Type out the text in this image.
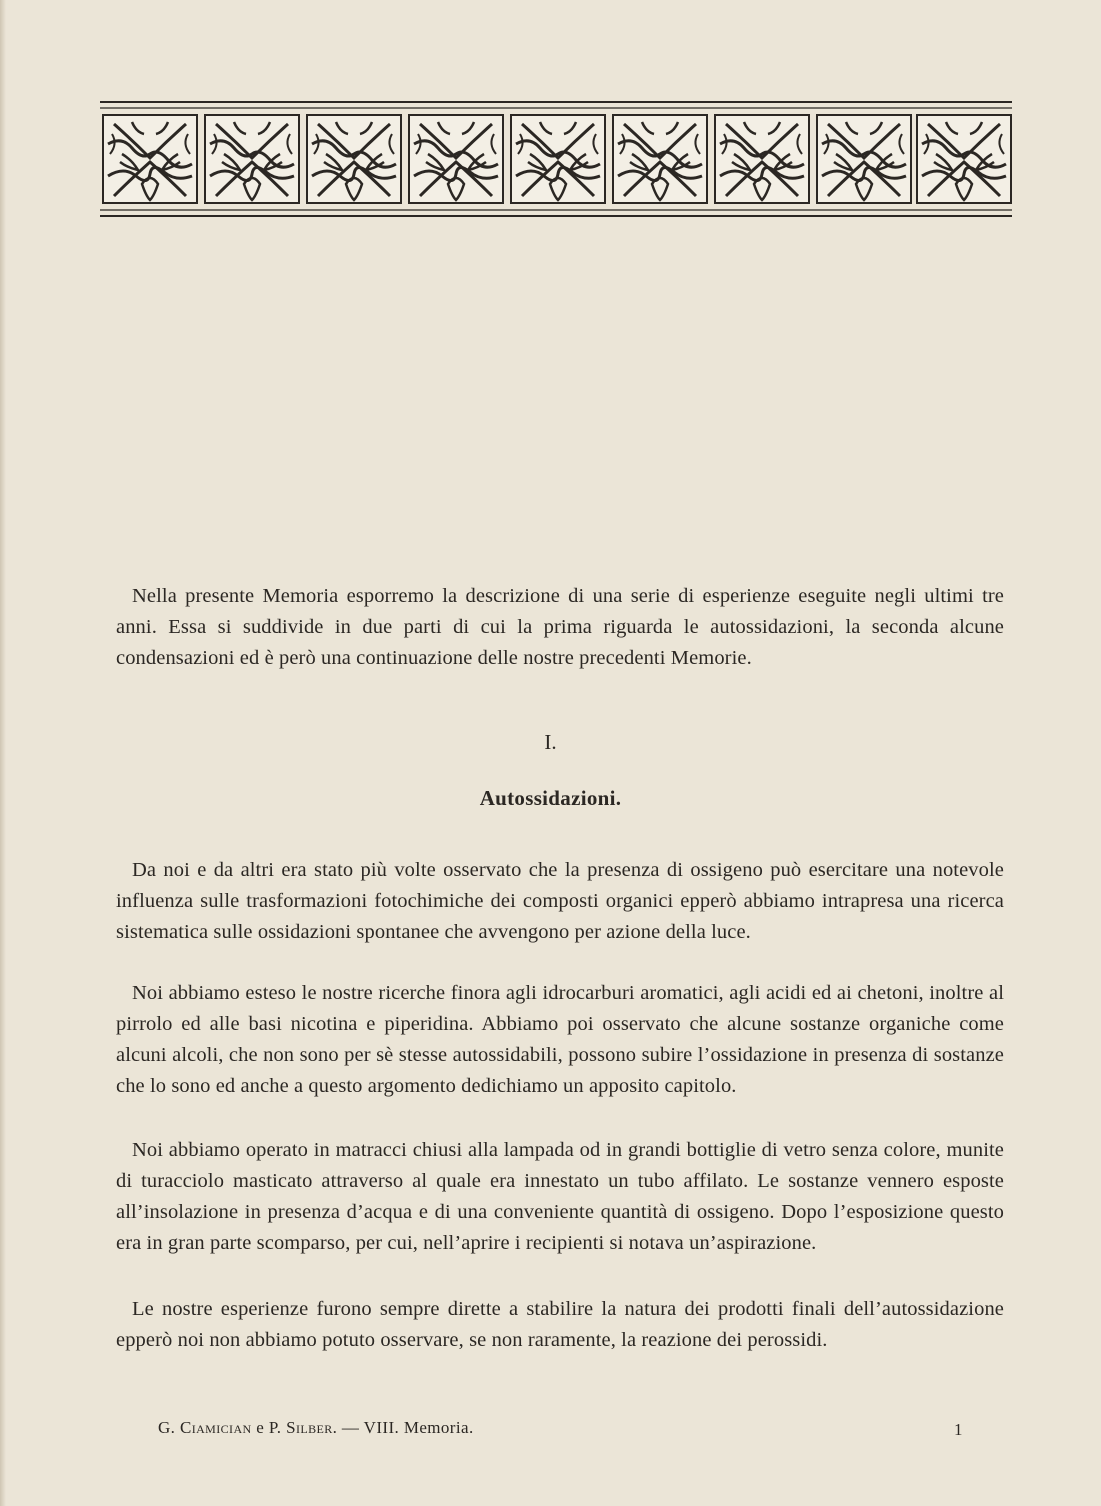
Nella presente Memoria esporremo la descrizione di una serie di esperienze eseguite negli ultimi tre anni. Essa si suddivide in due parti di cui la prima riguarda le autossidazioni, la seconda alcune condensazioni ed è però una continuazione delle nostre precedenti Memorie.

I.
Autossidazioni.

Da noi e da altri era stato più volte osservato che la presenza di ossigeno può esercitare una notevole influenza sulle trasformazioni fotochimiche dei composti organici epperò abbiamo intrapresa una ricerca sistematica sulle ossidazioni spontanee che avvengono per azione della luce.

Noi abbiamo esteso le nostre ricerche finora agli idrocarburi aromatici, agli acidi ed ai chetoni, inoltre al pirrolo ed alle basi nicotina e piperidina. Abbiamo poi osservato che alcune sostanze organiche come alcuni alcoli, che non sono per sè stesse autossidabili, possono subire l’ossidazione in presenza di sostanze che lo sono ed anche a questo argomento dedichiamo un apposito capitolo.

Noi abbiamo operato in matracci chiusi alla lampada od in grandi bottiglie di vetro senza colore, munite di turacciolo masticato attraverso al quale era innestato un tubo affilato. Le sostanze vennero esposte all’insolazione in presenza d’acqua e di una conveniente quantità di ossigeno. Dopo l’esposizione questo era in gran parte scomparso, per cui, nell’aprire i recipienti si notava un’aspirazione.

Le nostre esperienze furono sempre dirette a stabilire la natura dei prodotti finali dell’autossidazione epperò noi non abbiamo potuto osservare, se non raramente, la reazione dei perossidi.

G. Ciamician e P. Silber. — VIII. Memoria.	1
